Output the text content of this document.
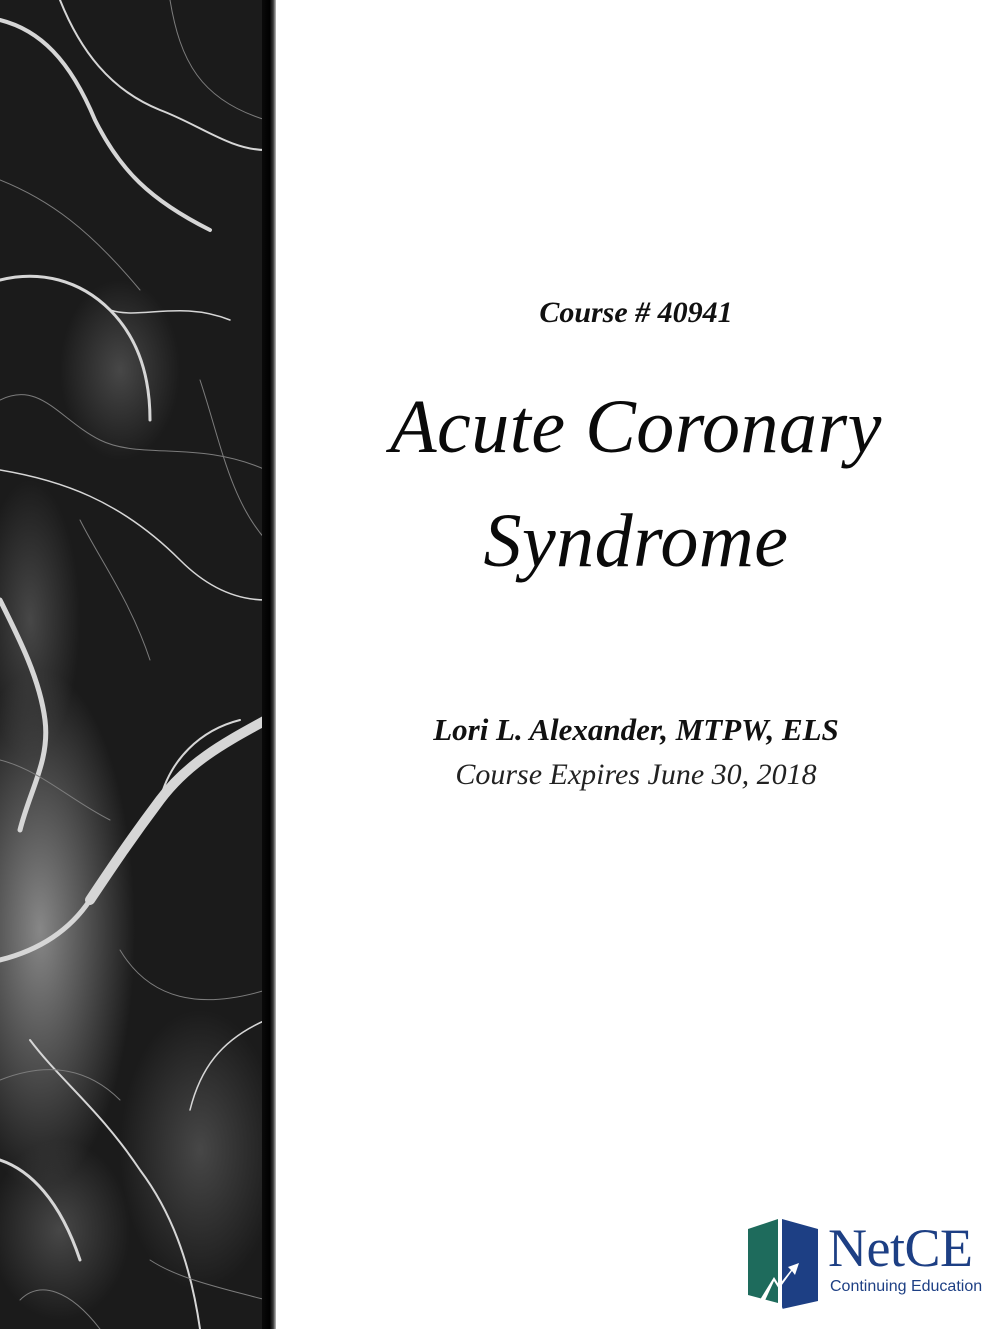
Course # 40941
Acute Coronary
Syndrome
Lori L. Alexander, MTPW, ELS
Course Expires June 30, 2018
NetCE
Continuing Education
